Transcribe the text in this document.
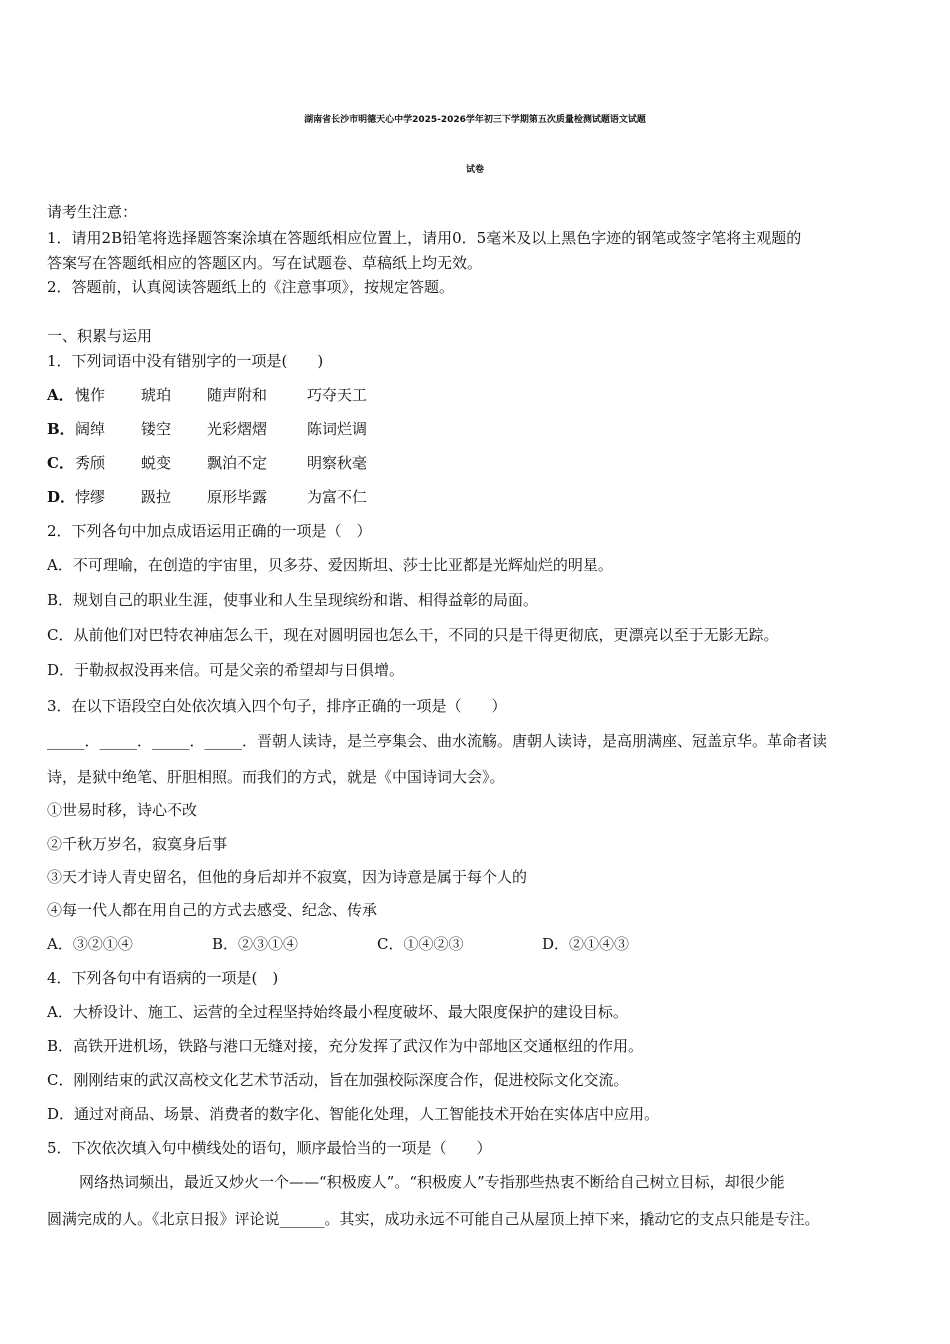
湖南省长沙市明德天心中学2025-2026学年初三下学期第五次质量检测试题语文试题
试卷
请考生注意：
1．请用2B铅笔将选择题答案涂填在答题纸相应位置上，请用0．5毫米及以上黑色字迹的钢笔或签字笔将主观题的
答案写在答题纸相应的答题区内。写在试题卷、草稿纸上均无效。
2．答题前，认真阅读答题纸上的《注意事项》，按规定答题。
一、积累与运用
1．下列词语中没有错别字的一项是(　　)
A．愧作 琥珀 随声附和	巧夺天工
B．阔绰 镂空 光彩熠熠	陈词烂调
C．秀颀 蜕变 飘泊不定	明察秋毫
D．悖缪 趿拉 原形毕露	为富不仁
2．下列各句中加点成语运用正确的一项是（　）
A．不可理喻，在创造的宇宙里，贝多芬、爱因斯坦、莎士比亚都是光辉灿烂的明星。
B．规划自己的职业生涯，使事业和人生呈现缤纷和谐、相得益彰的局面。
C．从前他们对巴特农神庙怎么干，现在对圆明园也怎么干，不同的只是干得更彻底，更漂亮以至于无影无踪。
D．于勒叔叔没再来信。可是父亲的希望却与日俱增。
3．在以下语段空白处依次填入四个句子，排序正确的一项是（　　）
_____．_____．_____．_____．晋朝人读诗，是兰亭集会、曲水流觞。唐朝人读诗，是高朋满座、冠盖京华。革命者读
诗，是狱中绝笔、肝胆相照。而我们的方式，就是《中国诗词大会》。
①世易时移，诗心不改
②千秋万岁名，寂寞身后事
③天才诗人青史留名，但他的身后却并不寂寞，因为诗意是属于每个人的
④每一代人都在用自己的方式去感受、纪念、传承
A．③②①④	B．②③①④	C．①④②③	D．②①④③
4．下列各句中有语病的一项是(　)
A．大桥设计、施工、运营的全过程坚持始终最小程度破坏、最大限度保护的建设目标。
B．高铁开进机场，铁路与港口无缝对接，充分发挥了武汉作为中部地区交通枢纽的作用。
C．刚刚结束的武汉高校文化艺术节活动，旨在加强校际深度合作，促进校际文化交流。
D．通过对商品、场景、消费者的数字化、智能化处理，人工智能技术开始在实体店中应用。
5．下次依次填入句中横线处的语句，顺序最恰当的一项是（　　）
网络热词频出，最近又炒火一个——“积极废人”。“积极废人”专指那些热衷不断给自己树立目标，却很少能
圆满完成的人。《北京日报》评论说______。其实，成功永远不可能自己从屋顶上掉下来，撬动它的支点只能是专注。
